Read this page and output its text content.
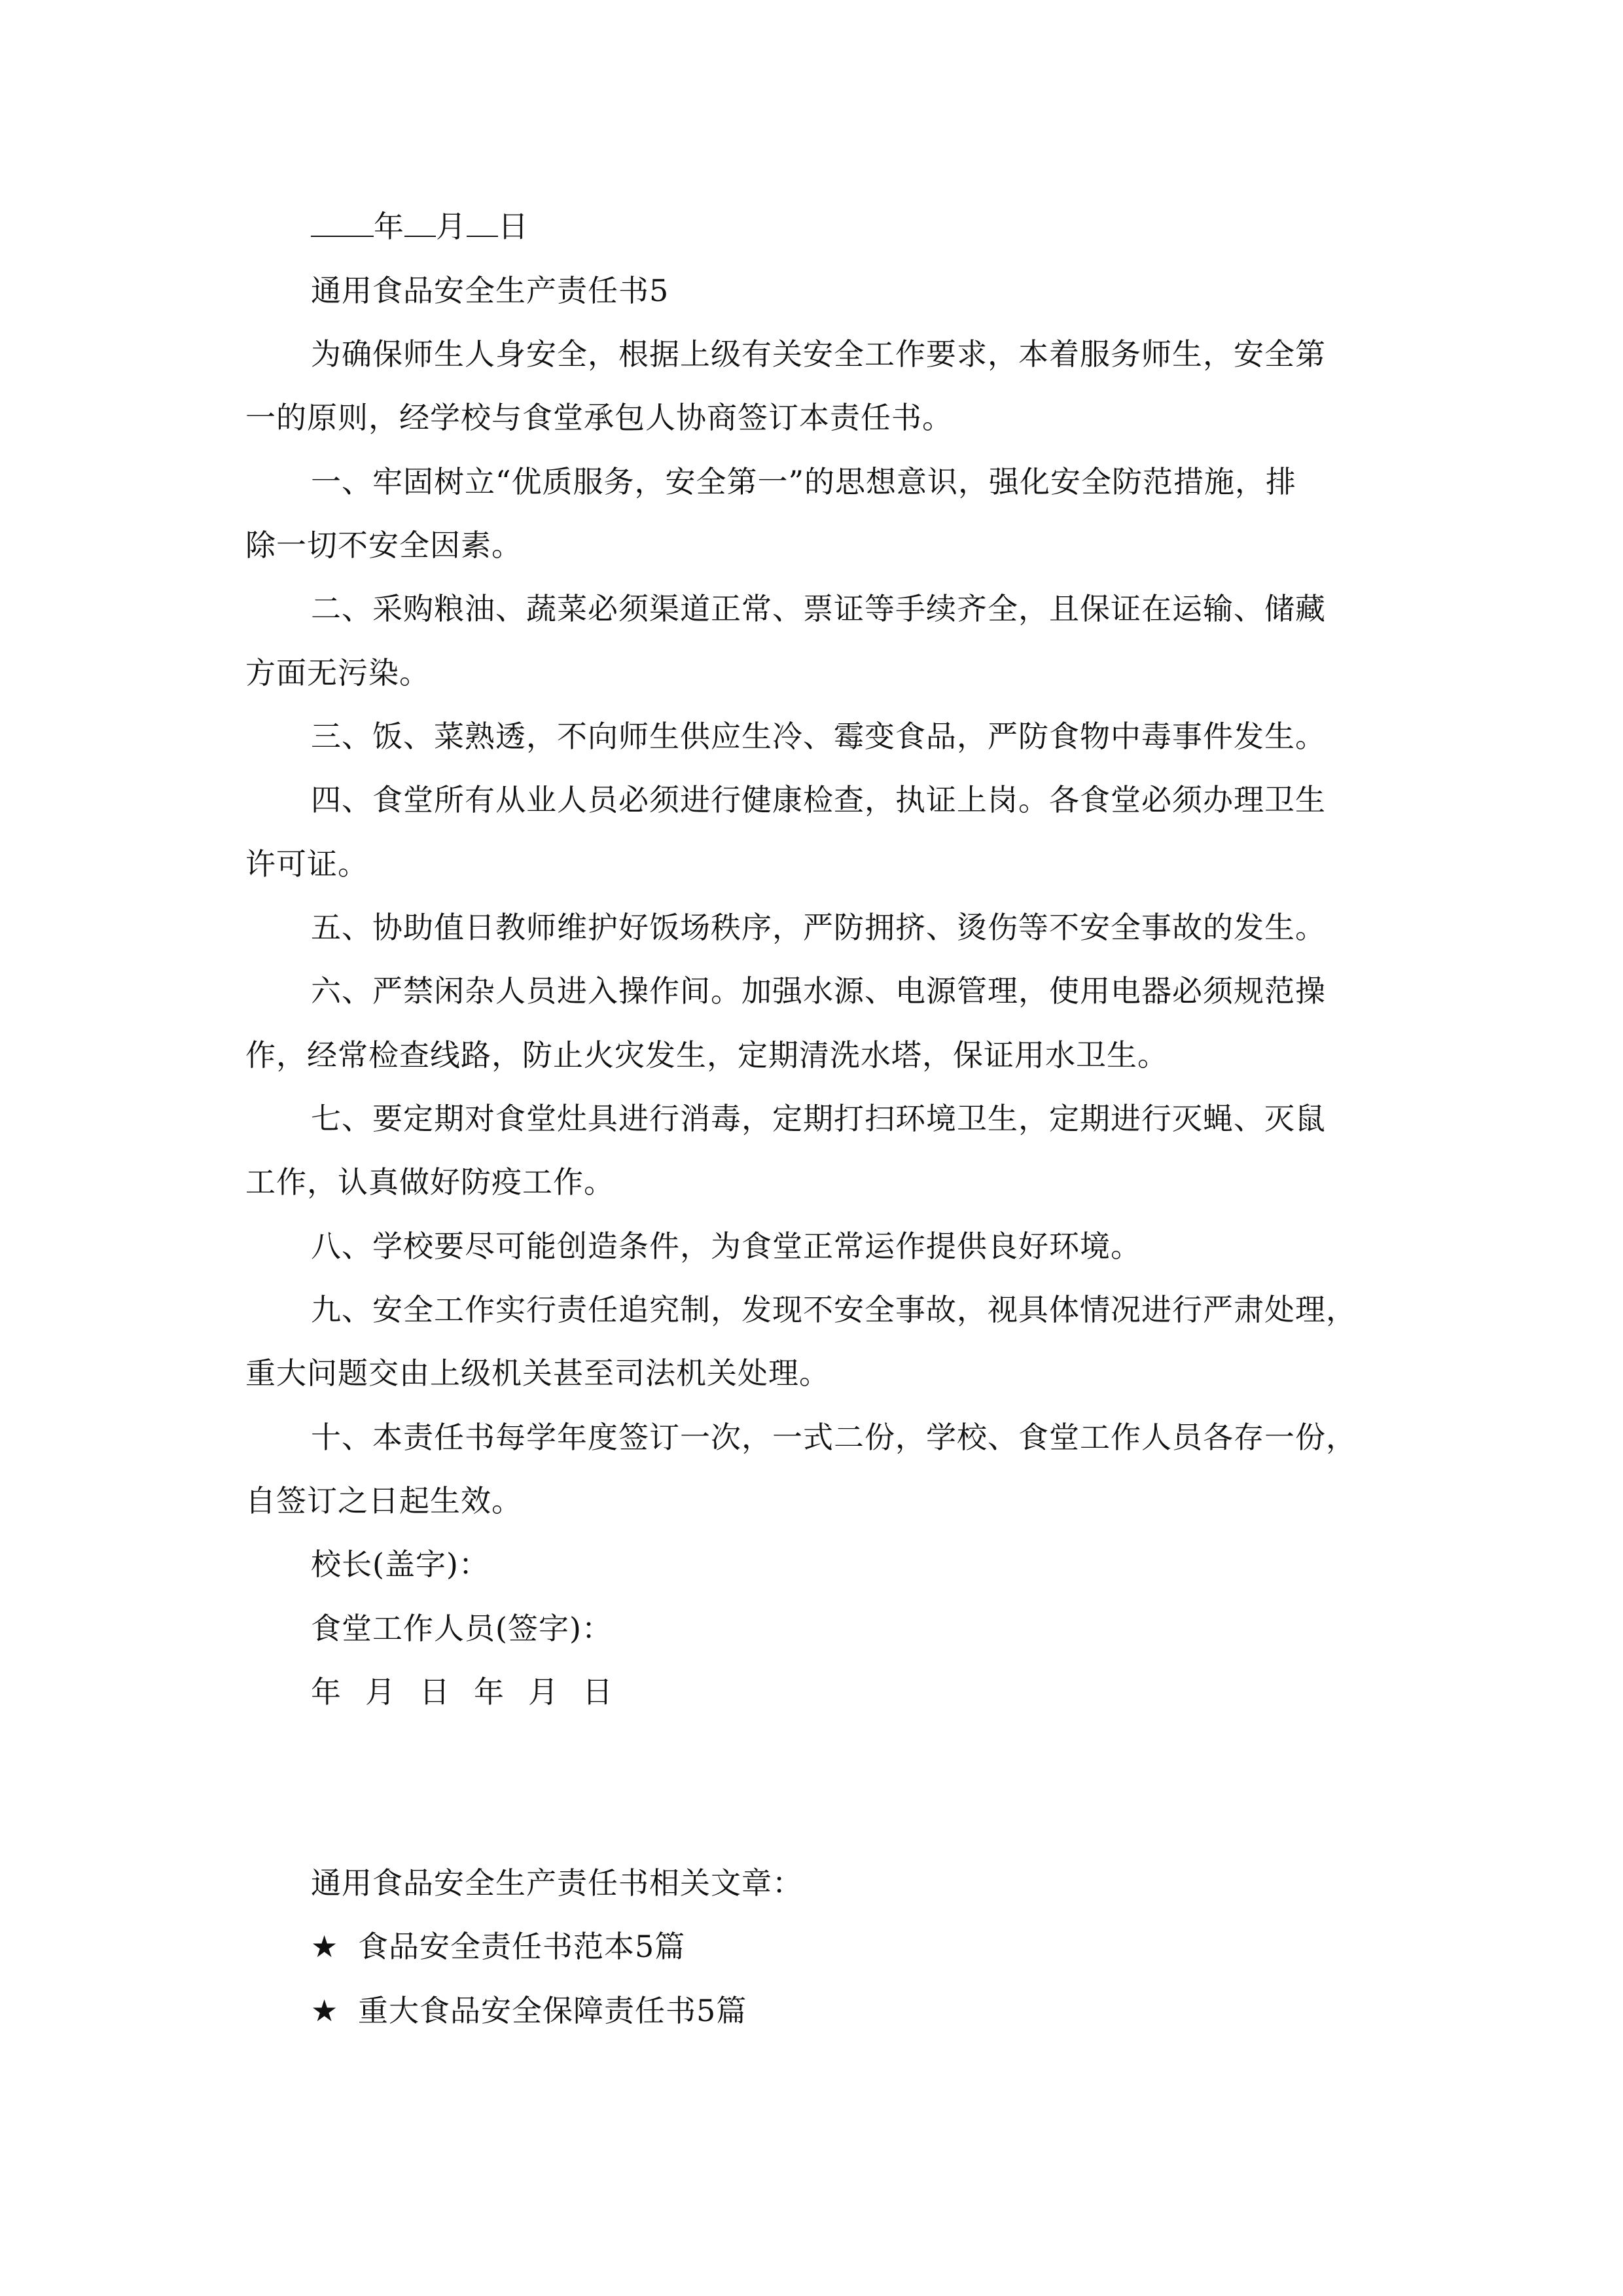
年 月 日
通用食品安全生产责任书5
为确保师生人身安全，根据上级有关安全工作要求，本着服务师生，安全第
一的原则，经学校与食堂承包人协商签订本责任书。
一、牢固树立“优质服务，安全第一”的思想意识，强化安全防范措施，排
除一切不安全因素。
二、采购粮油、蔬菜必须渠道正常、票证等手续齐全，且保证在运输、储藏
方面无污染。
三、饭、菜熟透，不向师生供应生冷、霉变食品，严防食物中毒事件发生。
四、食堂所有从业人员必须进行健康检查，执证上岗。各食堂必须办理卫生
许可证。
五、协助值日教师维护好饭场秩序，严防拥挤、烫伤等不安全事故的发生。
六、严禁闲杂人员进入操作间。加强水源、电源管理，使用电器必须规范操
作，经常检查线路，防止火灾发生，定期清洗水塔，保证用水卫生。
七、要定期对食堂灶具进行消毒，定期打扫环境卫生，定期进行灭蝇、灭鼠
工作，认真做好防疫工作。
八、学校要尽可能创造条件，为食堂正常运作提供良好环境。
九、安全工作实行责任追究制，发现不安全事故，视具体情况进行严肃处理，
重大问题交由上级机关甚至司法机关处理。
十、本责任书每学年度签订一次，一式二份，学校、食堂工作人员各存一份，
自签订之日起生效。
校长(盖字)：
食堂工作人员(签字)：
年 月 日 年 月 日
通用食品安全生产责任书相关文章：
★ 食品安全责任书范本5篇
★ 重大食品安全保障责任书5篇
